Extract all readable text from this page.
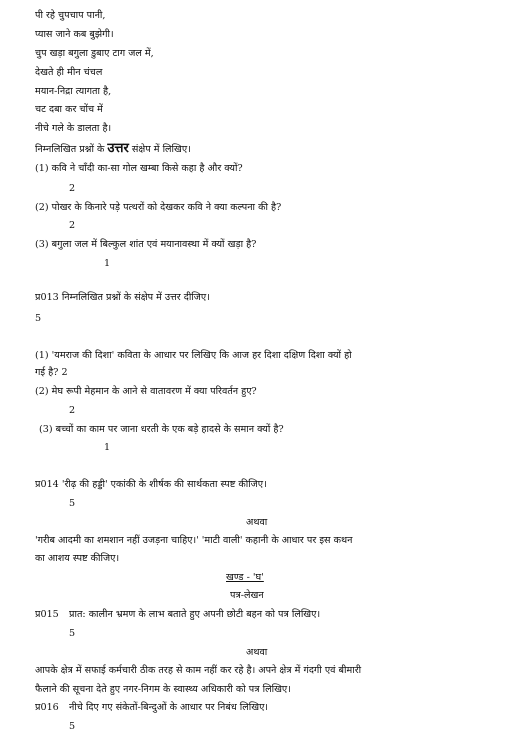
पी रहे चुपचाप पानी,
प्यास जाने कब बुझेगी।
चुप खड़ा बगुला डुबाए टाग जल में,
देखते ही मीन चंचल
मयान-निद्रा त्यागता है,
चट दबा कर चोंच में
नीचे गले के डालता है।
निम्नलिखित प्रश्नों के उत्तर संक्षेप में लिखिए।
(1) कवि ने चाँदी का-सा गोल खम्बा किसे कहा है और क्यों?
2
(2) पोखर के किनारे पड़े पत्थरों को देखकर कवि ने क्या कल्पना की है?
2
(3) बगुला जल में बिल्कुल शांत एवं मयानावस्था में क्यों खड़ा है?
1
प्र013 निम्नलिखित प्रश्नों के संक्षेप में उत्तर दीजिए।
5
(1) 'यमराज की दिशा' कविता के आधार पर लिखिए कि आज हर दिशा दक्षिण दिशा क्यों हो
गई है? 2
(2) मेघ रूपी मेहमान के आने से वातावरण में क्या परिवर्तन हुए?
2
(3) बच्चों का काम पर जाना धरती के एक बड़े हादसे के समान क्यों है?
1
प्र014 'रीढ़ की हड्डी' एकांकी के शीर्षक की सार्थकता स्पष्ट कीजिए।
5
अथवा
'गरीब आदमी का शमशान नहीं उजड़ना चाहिए।' 'माटी वाली' कहानी के आधार पर इस कथन
का आशय स्पष्ट कीजिए।
खण्ड - 'घ'
पत्र-लेखन
प्र015 प्रात: कालीन भ्रमण के लाभ बताते हुए अपनी छोटी बहन को पत्र लिखिए।
5
अथवा
आपके क्षेत्र में सफाई कर्मचारी ठीक तरह से काम नहीं कर रहे है। अपने क्षेत्र में गंदगी एवं बीमारी
फैलाने की सूचना देते हुए नगर-निगम के स्वास्थ्य अधिकारी को पत्र लिखिए।
प्र016 नीचे दिए गए संकेतों-बिन्दुओं के आधार पर निबंध लिखिए।
5
